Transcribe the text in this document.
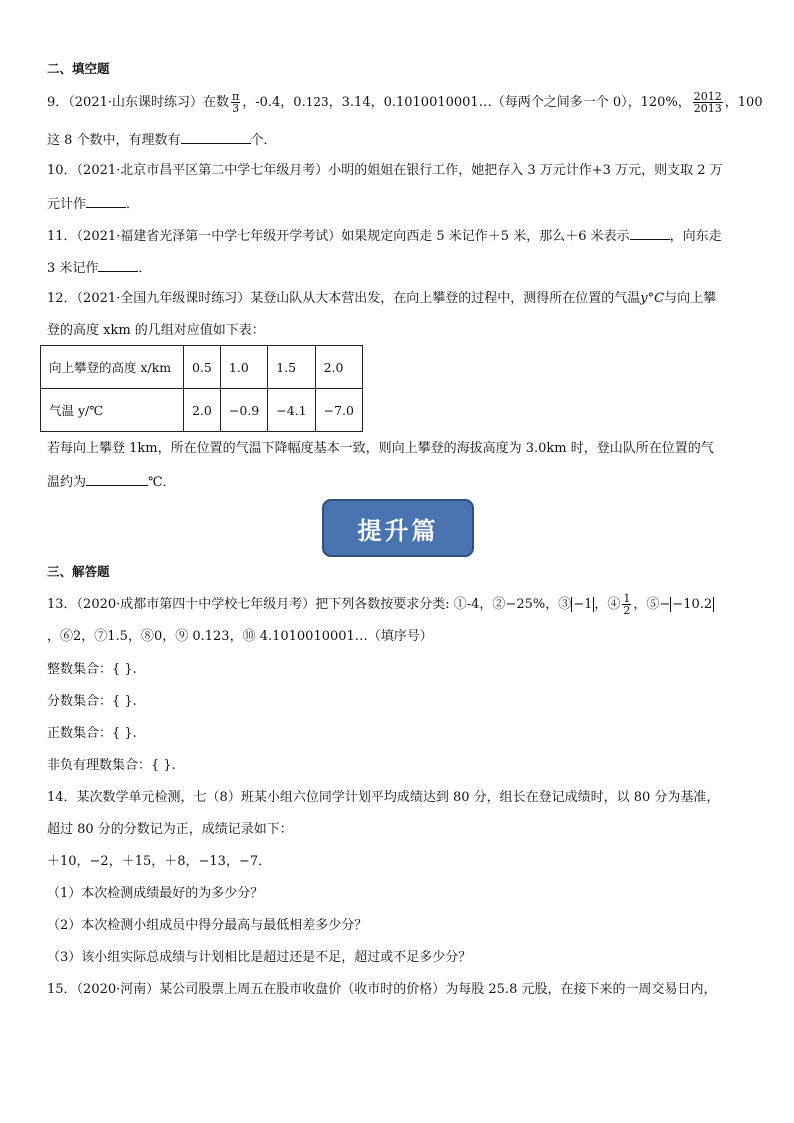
二、填空题
9．（2021·山东课时练习）在数 $\frac{\pi}{3}$ ，-0.4，0.123，3.14，0.1010010001…（每两个之间多一个 0），120%， $\frac{2012}{2013}$ ，100
这 8 个数中，有理数有	个．
10．（2021·北京市昌平区第二中学七年级月考）小明的姐姐在银行工作，她把存入 3 万元计作+3 万元，则支取 2 万
元计作	．
11．（2021·福建省光泽第一中学七年级开学考试）如果规定向西走 5 米记作＋5 米，那么＋6 米表示	，向东走
3 米记作	．
12．（2021·全国九年级课时练习）某登山队从大本营出发，在向上攀登的过程中，测得所在位置的气温y°C与向上攀
登的高度 xkm 的几组对应值如下表：
向上攀登的高度 x/km	0.5	1.0	1.5	2.0
气温 y/℃	2.0	−0.9	−4.1	−7.0
若每向上攀登 1km，所在位置的气温下降幅度基本一致，则向上攀登的海拔高度为 3.0km 时，登山队所在位置的气
温约为	℃．
提升篇
三、解答题
13．（2020·成都市第四十中学校七年级月考）把下列各数按要求分类: ①-4，②−25%，③ −1 ，④ $\frac{1}{2}$ ，⑤− −10.2
，⑥2，⑦1.5，⑧0，⑨ 0.123，⑩ 4.1010010001…（填序号）
整数集合：{ }.
分数集合：{ }.
正数集合：{ }.
非负有理数集合：{ }.
14．某次数学单元检测，七（8）班某小组六位同学计划平均成绩达到 80 分，组长在登记成绩时，以 80 分为基准，
超过 80 分的分数记为正，成绩记录如下：
＋10，−2，＋15，＋8，−13，−7．
（1）本次检测成绩最好的为多少分？
（2）本次检测小组成员中得分最高与最低相差多少分？
（3）该小组实际总成绩与计划相比是超过还是不足，超过或不足多少分？
15．（2020·河南）某公司股票上周五在股市收盘价（收市时的价格）为每股 25.8 元股，在接下来的一周交易日内，
